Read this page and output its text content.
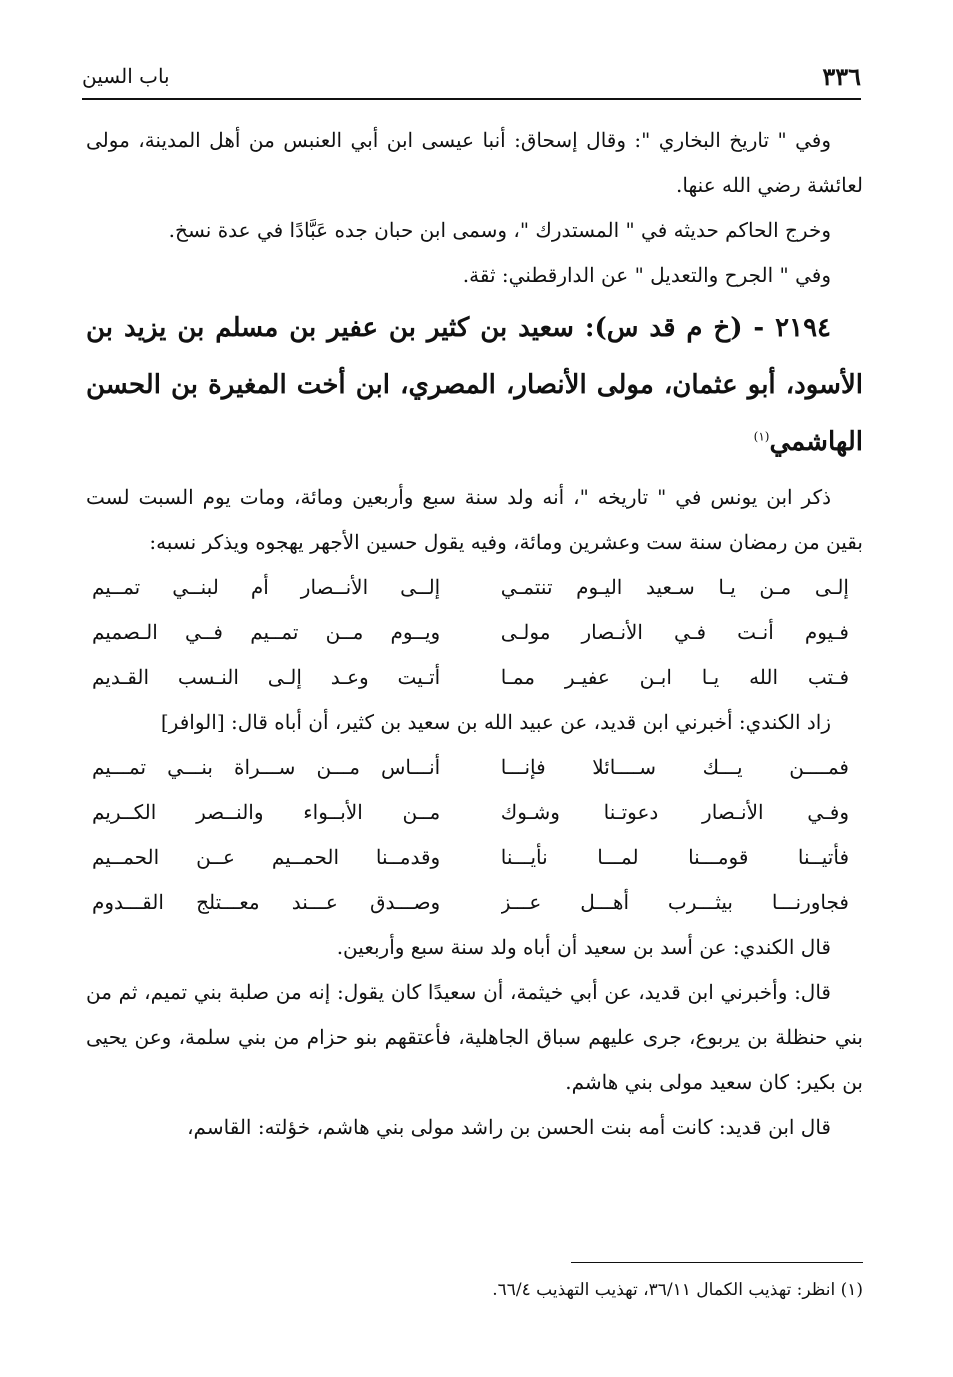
٣٣٦
باب السين

وفي " تاريخ البخاري ": وقال إسحاق: أنبا عيسى ابن أبي العنبس من أهل المدينة، مولى لعائشة رضي الله عنها.

وخرج الحاكم حديثه في " المستدرك "، وسمى ابن حبان جده عَبَّادًا في عدة نسخ.

وفي " الجرح والتعديل " عن الدارقطني: ثقة.

٢١٩٤ - (خ م قد س): سعيد بن كثير بن عفير بن مسلم بن يزيد بن الأسود، أبو عثمان، مولى الأنصار، المصري، ابن أخت المغيرة بن الحسن الهاشمي$^{(١)}$

ذكر ابن يونس في " تاريخه "، أنه ولد سنة سبع وأربعين ومائة، ومات يوم السبت لست بقين من رمضان سنة ست وعشرين ومائة، وفيه يقول حسين الأجهر يهجوه ويذكر نسبه:

إلـى مـن يـا سـعيد اليـوم تنتمـي
إلــى الأنــصار أم لبنــي تمــيم
فـيوم أنـت فـي الأنـصار مولـى
ويــوم مــن تمــيم فــي الـصميم
فـتب الله يـا ابـن عفيـر ممـا
أتـيت وعـد إلـى النـسب القـديم

زاد الكندي: أخبرني ابن قديد، عن عبيد الله بن سعيد بن كثير، أن أباه قال: [الوافر]

فمــــن يـــك ســــائلا فإنـــا
أنـــاس مـــن ســـراة بنـــي تمـــيم
وفـي الأنـصار دعوتـنا وشـوك
مــن الأبــواء والنــصر الكــريم
فأتيــنا قومـــنا لمـــا نأيـــنا
وقدمــنا الحمــيم عــن الحمــيم
فجاورنـــا بيثـــرب أهـــل عـــز
وصـــدق عـــند معـــتلج القـــدوم

قال الكندي: عن أسد بن سعيد أن أباه ولد سنة سبع وأربعين.

قال: وأخبرني ابن قديد، عن أبي خيثمة، أن سعيدًا كان يقول: إنه من صلبة بني تميم، ثم من بني حنظلة بن يربوع، جرى عليهم سباق الجاهلية، فأعتقهم بنو حزام من بني سلمة، وعن يحيى بن بكير: كان سعيد مولى بني هاشم.

قال ابن قديد: كانت أمه بنت الحسن بن راشد مولى بني هاشم، خؤلته: القاسم،

(١) انظر: تهذيب الكمال ٣٦/١١، تهذيب التهذيب ٦٦/٤.
